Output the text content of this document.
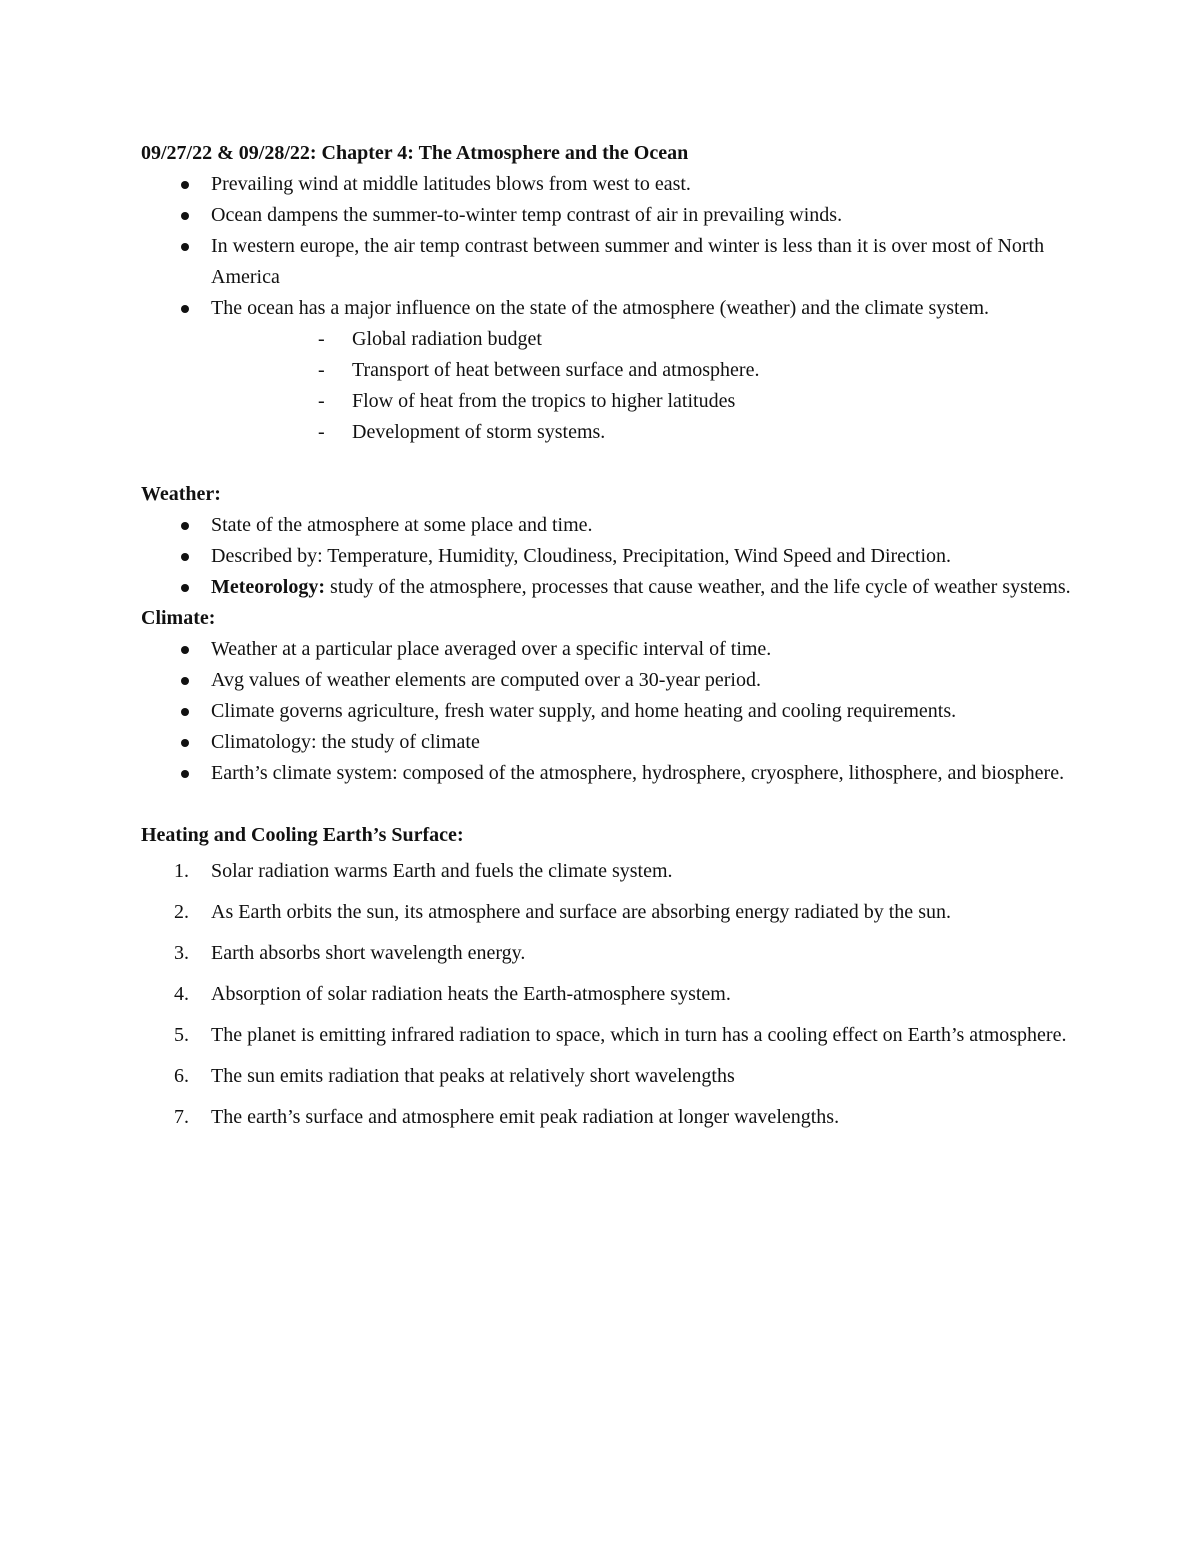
09/27/22 & 09/28/22: Chapter 4: The Atmosphere and the Ocean

Prevailing wind at middle latitudes blows from west to east.
Ocean dampens the summer-to-winter temp contrast of air in prevailing winds.
In western europe, the air temp contrast between summer and winter is less than it is over most of North America
The ocean has a major influence on the state of the atmosphere (weather) and the climate system.
- Global radiation budget
- Transport of heat between surface and atmosphere.
- Flow of heat from the tropics to higher latitudes
- Development of storm systems.

Weather:

State of the atmosphere at some place and time.
Described by: Temperature, Humidity, Cloudiness, Precipitation, Wind Speed and Direction.
Meteorology: study of the atmosphere, processes that cause weather, and the life cycle of weather systems.

Climate:

Weather at a particular place averaged over a specific interval of time.
Avg values of weather elements are computed over a 30-year period.
Climate governs agriculture, fresh water supply, and home heating and cooling requirements.
Climatology: the study of climate
Earth’s climate system: composed of the atmosphere, hydrosphere, cryosphere, lithosphere, and biosphere.

Heating and Cooling Earth’s Surface:

1. Solar radiation warms Earth and fuels the climate system.
2. As Earth orbits the sun, its atmosphere and surface are absorbing energy radiated by the sun.
3. Earth absorbs short wavelength energy.
4. Absorption of solar radiation heats the Earth-atmosphere system.
5. The planet is emitting infrared radiation to space, which in turn has a cooling effect on Earth’s atmosphere.
6. The sun emits radiation that peaks at relatively short wavelengths
7. The earth’s surface and atmosphere emit peak radiation at longer wavelengths.
